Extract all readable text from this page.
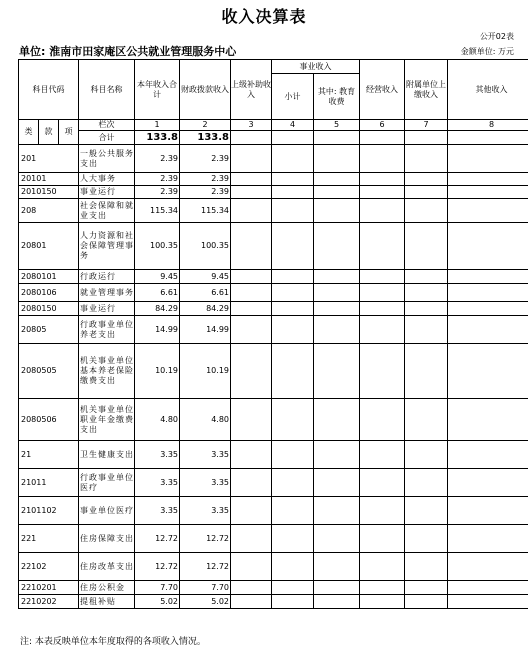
收入决算表
公开02表
单位: 淮南市田家庵区公共就业管理服务中心	金额单位: 万元
科目代码			科目名称	本年收入合计	财政拨款收入	上级补助收入	事业收入		经营收入	附属单位上缴收入	其他收入
							小计	其中: 教育收费			
类	款	项	栏次	1	2	3	4	5	6	7	8
			合计	133.8	133.8						
201			一般公共服务支出	2.39	2.39						
20101			人大事务	2.39	2.39						
2010150			事业运行	2.39	2.39						
208			社会保障和就业支出	115.34	115.34						
20801			人力资源和社会保障管理事务	100.35	100.35						
2080101			行政运行	9.45	9.45						
2080106			就业管理事务	6.61	6.61						
2080150			事业运行	84.29	84.29						
20805			行政事业单位养老支出	14.99	14.99						
2080505			机关事业单位基本养老保险缴费支出	10.19	10.19						
2080506			机关事业单位职业年金缴费支出	4.80	4.80						
21			卫生健康支出	3.35	3.35						
21011			行政事业单位医疗	3.35	3.35						
2101102			事业单位医疗	3.35	3.35						
221			住房保障支出	12.72	12.72						
22102			住房改革支出	12.72	12.72						
2210201			住房公积金	7.70	7.70						
2210202			提租补贴	5.02	5.02						
注: 本表反映单位本年度取得的各项收入情况。
